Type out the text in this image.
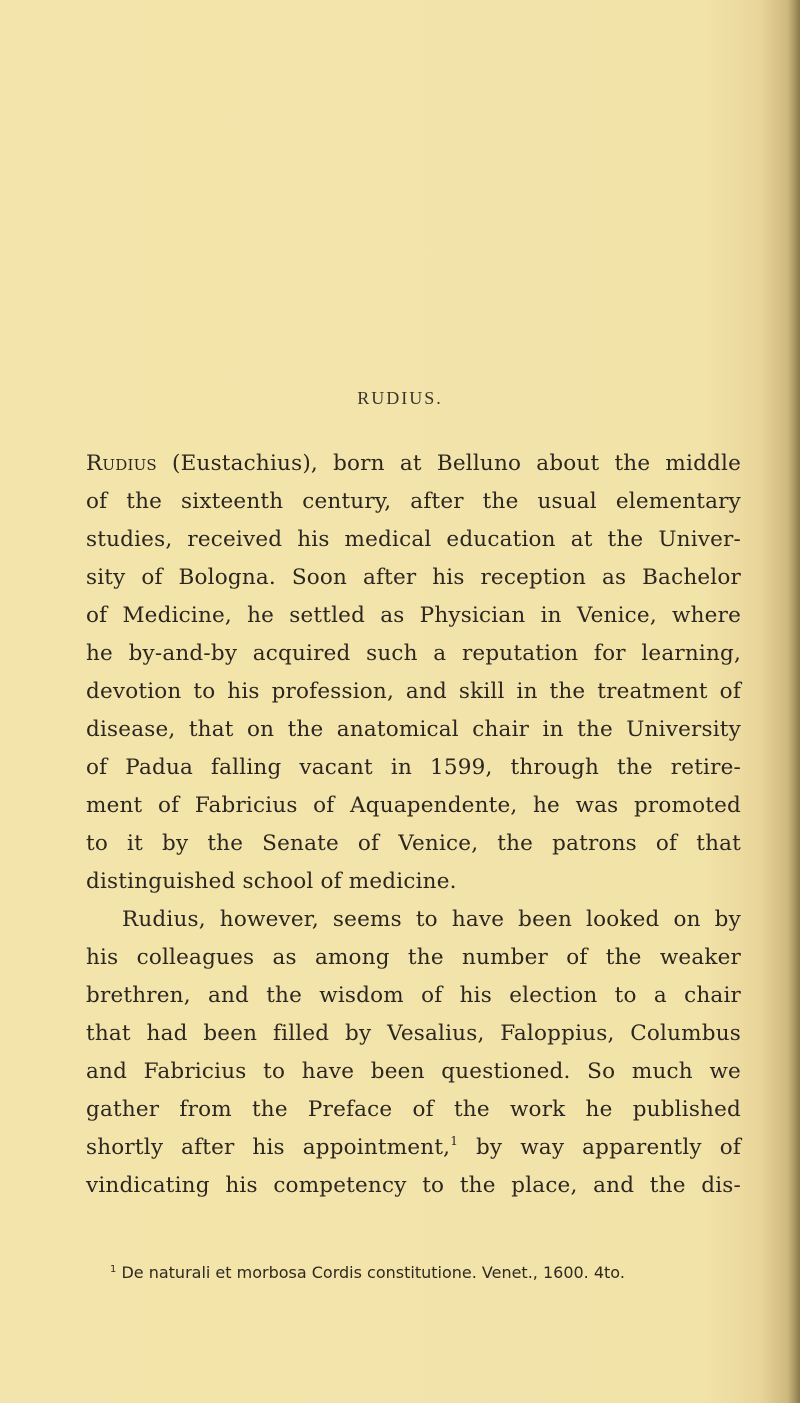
RUDIUS.
Rudius (Eustachius), born at Belluno about the middle
of the sixteenth century, after the usual elementary
studies, received his medical education at the Univer-
sity of Bologna. Soon after his reception as Bachelor
of Medicine, he settled as Physician in Venice, where
he by-and-by acquired such a reputation for learning,
devotion to his profession, and skill in the treatment of
disease, that on the anatomical chair in the University
of Padua falling vacant in 1599, through the retire-
ment of Fabricius of Aquapendente, he was promoted
to it by the Senate of Venice, the patrons of that
distinguished school of medicine.
Rudius, however, seems to have been looked on by
his colleagues as among the number of the weaker
brethren, and the wisdom of his election to a chair
that had been filled by Vesalius, Faloppius, Columbus
and Fabricius to have been questioned. So much we
gather from the Preface of the work he published
shortly after his appointment,$^1$ by way apparently of
vindicating his competency to the place, and the dis-
$^1$ De naturali et morbosa Cordis constitutione. Venet., 1600. 4to.
